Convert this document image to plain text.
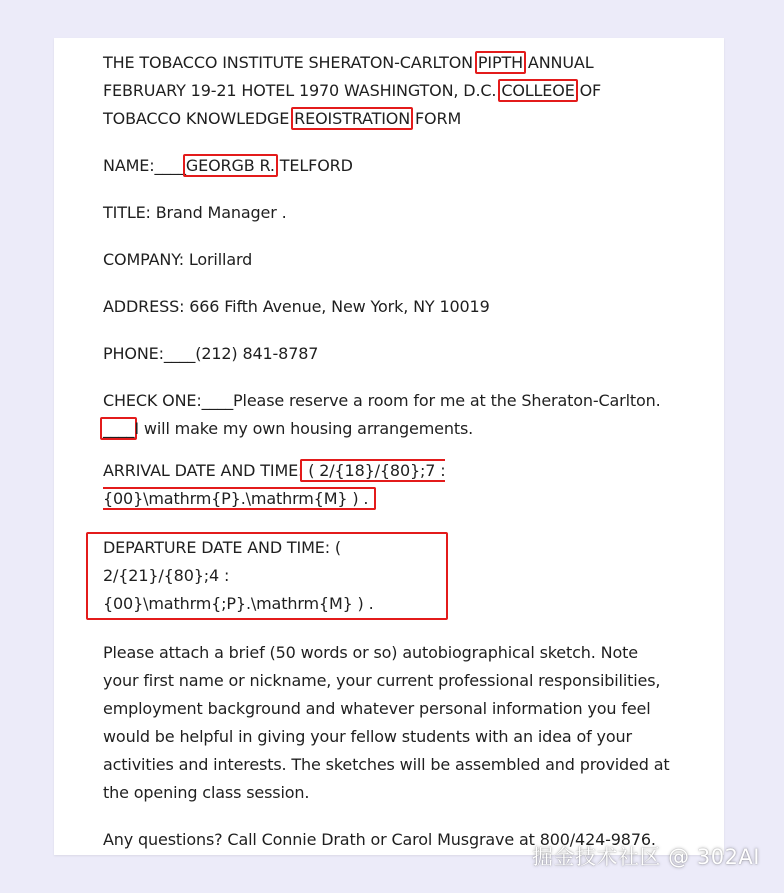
THE TOBACCO INSTITUTE SHERATON-CARLTON PIPTH ANNUAL
FEBRUARY 19-21 HOTEL 1970 WASHINGTON, D.C. COLLEOE OF
TOBACCO KNOWLEDGE REOISTRATION FORM

NAME:____GEORGB R. TELFORD

TITLE: Brand Manager .

COMPANY: Lorillard

ADDRESS: 666 Fifth Avenue, New York, NY 10019

PHONE:____(212) 841-8787

CHECK ONE:____Please reserve a room for me at the Sheraton-Carlton.
____I will make my own housing arrangements.

ARRIVAL DATE AND TIME: ( 2/{18}/{80};7 : {00}\mathrm{P}.\mathrm{M} ) .

DEPARTURE DATE AND TIME: ( 2/{21}/{80};4 :
{00}\mathrm{;P}.\mathrm{M} ) .

Please attach a brief (50 words or so) autobiographical sketch. Note your first name or nickname, your current professional responsibilities, employment background and whatever personal information you feel would be helpful in giving your fellow students with an idea of your activities and interests. The sketches will be assembled and provided at the opening class session.

Any questions? Call Connie Drath or Carol Musgrave at 800/424-9876.

掘金技术社区 @ 302AI
